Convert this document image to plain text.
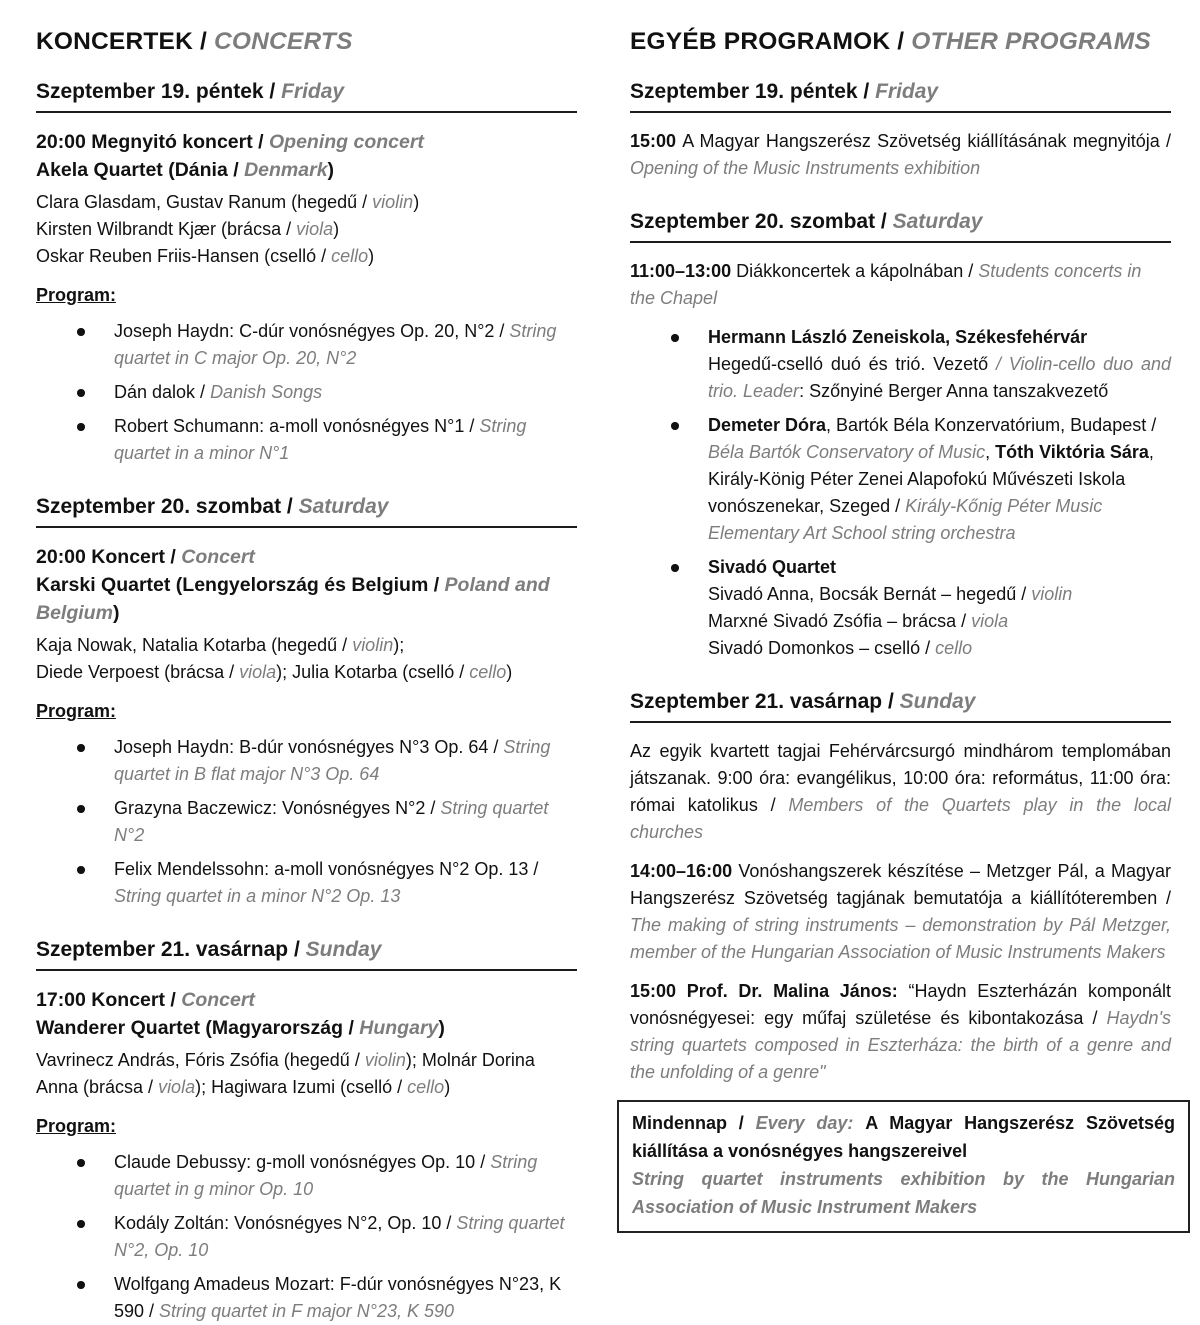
KONCERTEK / CONCERTS
Szeptember 19. péntek / Friday
20:00 Megnyitó koncert / Opening concert
Akela Quartet (Dánia / Denmark)
Clara Glasdam, Gustav Ranum (hegedű / violin)
Kirsten Wilbrandt Kjær (brácsa / viola)
Oskar Reuben Friis-Hansen (cselló / cello)
Program:
Joseph Haydn: C-dúr vonósnégyes Op. 20, N°2 / String quartet in C major Op. 20, N°2
Dán dalok / Danish Songs
Robert Schumann: a-moll vonósnégyes N°1 / String quartet in a minor N°1
Szeptember 20. szombat / Saturday
20:00 Koncert / Concert
Karski Quartet (Lengyelország és Belgium / Poland and Belgium)
Kaja Nowak, Natalia Kotarba (hegedű / violin);
Diede Verpoest (brácsa / viola); Julia Kotarba (cselló / cello)
Program:
Joseph Haydn: B-dúr vonósnégyes N°3 Op. 64 / String quartet in B flat major N°3 Op. 64
Grazyna Baczewicz: Vonósnégyes N°2 / String quartet N°2
Felix Mendelssohn: a-moll vonósnégyes N°2 Op. 13 / String quartet in a minor N°2 Op. 13
Szeptember 21. vasárnap / Sunday
17:00 Koncert / Concert
Wanderer Quartet (Magyarország / Hungary)
Vavrinecz András, Fóris Zsófia (hegedű / violin); Molnár Dorina Anna (brácsa / viola); Hagiwara Izumi (cselló / cello)
Program:
Claude Debussy: g-moll vonósnégyes Op. 10 / String quartet in g minor Op. 10
Kodály Zoltán: Vonósnégyes N°2, Op. 10 / String quartet N°2, Op. 10
Wolfgang Amadeus Mozart: F-dúr vonósnégyes N°23, K 590 / String quartet in F major N°23, K 590
EGYÉB PROGRAMOK / OTHER PROGRAMS
Szeptember 19. péntek / Friday
15:00 A Magyar Hangszerész Szövetség kiállításának megnyitója / Opening of the Music Instruments exhibition
Szeptember 20. szombat / Saturday
11:00–13:00 Diákkoncertek a kápolnában / Students concerts in the Chapel
Hermann László Zeneiskola, Székesfehérvár
Hegedű-cselló duó és trió. Vezető / Violin-cello duo and trio. Leader: Szőnyiné Berger Anna tanszakvezető
Demeter Dóra, Bartók Béla Konzervatórium, Budapest / Béla Bartók Conservatory of Music, Tóth Viktória Sára, Király-König Péter Zenei Alapofokú Művészeti Iskola vonószenekar, Szeged / Király-Kőnig Péter Music Elementary Art School string orchestra
Sivadó Quartet
Sivadó Anna, Bocsák Bernát – hegedű / violin
Marxné Sivadó Zsófia – brácsa / viola
Sivadó Domonkos – cselló / cello
Szeptember 21. vasárnap / Sunday
Az egyik kvartett tagjai Fehérvárcsurgó mindhárom templomában játszanak. 9:00 óra: evangélikus, 10:00 óra: református, 11:00 óra: római katolikus / Members of the Quartets play in the local churches
14:00–16:00 Vonóshangszerek készítése – Metzger Pál, a Magyar Hangszerész Szövetség tagjának bemutatója a kiállítóteremben / The making of string instruments – demonstration by Pál Metzger, member of the Hungarian Association of Music Instruments Makers
15:00 Prof. Dr. Malina János: “Haydn Eszterházán komponált vonósnégyesei: egy műfaj születése és kibontakozása / Haydn's string quartets composed in Eszterháza: the birth of a genre and the unfolding of a genre"
Mindennap / Every day: A Magyar Hangszerész Szövetség kiállítása a vonósnégyes hangszereivel
String quartet instruments exhibition by the Hungarian Association of Music Instrument Makers
